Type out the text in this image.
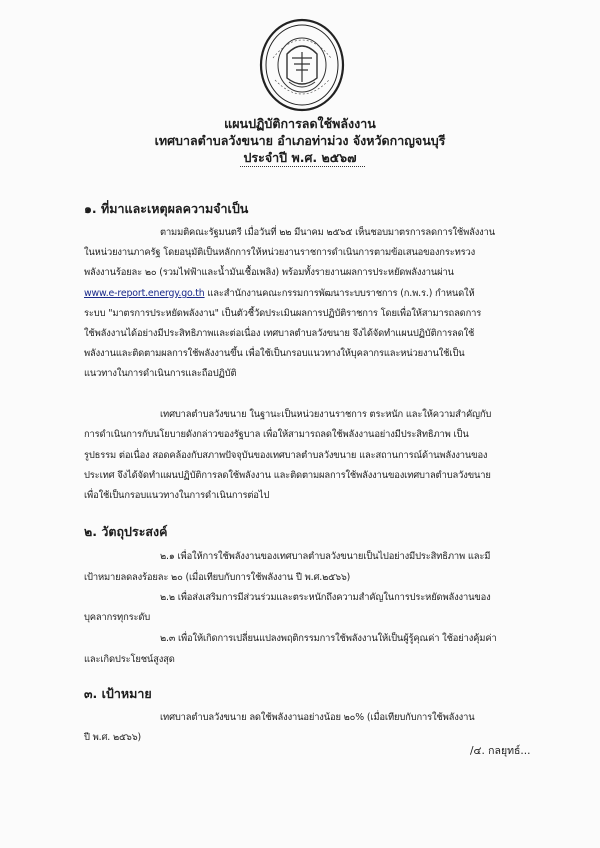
แผนปฏิบัติการลดใช้พลังงาน
เทศบาลตำบลวังขนาย อำเภอท่าม่วง จังหวัดกาญจนบุรี
ประจำปี พ.ศ. ๒๕๖๗
๑. ที่มาและเหตุผลความจำเป็น
ตามมติคณะรัฐมนตรี เมื่อวันที่ ๒๒ มีนาคม ๒๕๖๕ เห็นชอบมาตรการลดการใช้พลังงาน
ในหน่วยงานภาครัฐ โดยอนุมัติเป็นหลักการให้หน่วยงานราชการดำเนินการตามข้อเสนอของกระทรวง
พลังงานร้อยละ ๒๐ (รวมไฟฟ้าและน้ำมันเชื้อเพลิง) พร้อมทั้งรายงานผลการประหยัดพลังงานผ่าน
www.e-report.energy.go.th และสำนักงานคณะกรรมการพัฒนาระบบราชการ (ก.พ.ร.) กำหนดให้
ระบบ "มาตรการประหยัดพลังงาน" เป็นตัวชี้วัดประเมินผลการปฏิบัติราชการ โดยเพื่อให้สามารถลดการ
ใช้พลังงานได้อย่างมีประสิทธิภาพและต่อเนื่อง เทศบาลตำบลวังขนาย จึงได้จัดทำแผนปฏิบัติการลดใช้
พลังงานและติดตามผลการใช้พลังงานขึ้น เพื่อใช้เป็นกรอบแนวทางให้บุคลากรและหน่วยงานใช้เป็น
แนวทางในการดำเนินการและถือปฏิบัติ
เทศบาลตำบลวังขนาย ในฐานะเป็นหน่วยงานราชการ ตระหนัก และให้ความสำคัญกับ
การดำเนินการกับนโยบายดังกล่าวของรัฐบาล เพื่อให้สามารถลดใช้พลังงานอย่างมีประสิทธิภาพ เป็น
รูปธรรม ต่อเนื่อง สอดคล้องกับสภาพปัจจุบันของเทศบาลตำบลวังขนาย และสถานการณ์ด้านพลังงานของ
ประเทศ จึงได้จัดทำแผนปฏิบัติการลดใช้พลังงาน และติดตามผลการใช้พลังงานของเทศบาลตำบลวังขนาย
เพื่อใช้เป็นกรอบแนวทางในการดำเนินการต่อไป
๒. วัตถุประสงค์
๒.๑ เพื่อให้การใช้พลังงานของเทศบาลตำบลวังขนายเป็นไปอย่างมีประสิทธิภาพ และมี
เป้าหมายลดลงร้อยละ ๒๐ (เมื่อเทียบกับการใช้พลังงาน ปี พ.ศ.๒๕๖๖)
๒.๒ เพื่อส่งเสริมการมีส่วนร่วมและตระหนักถึงความสำคัญในการประหยัดพลังงานของ
บุคลากรทุกระดับ
๒.๓ เพื่อให้เกิดการเปลี่ยนแปลงพฤติกรรมการใช้พลังงานให้เป็นผู้รู้คุณค่า ใช้อย่างคุ้มค่า
และเกิดประโยชน์สูงสุด
๓. เป้าหมาย
เทศบาลตำบลวังขนาย ลดใช้พลังงานอย่างน้อย ๒๐% (เมื่อเทียบกับการใช้พลังงาน
ปี พ.ศ. ๒๕๖๖)
/๔. กลยุทธ์...
